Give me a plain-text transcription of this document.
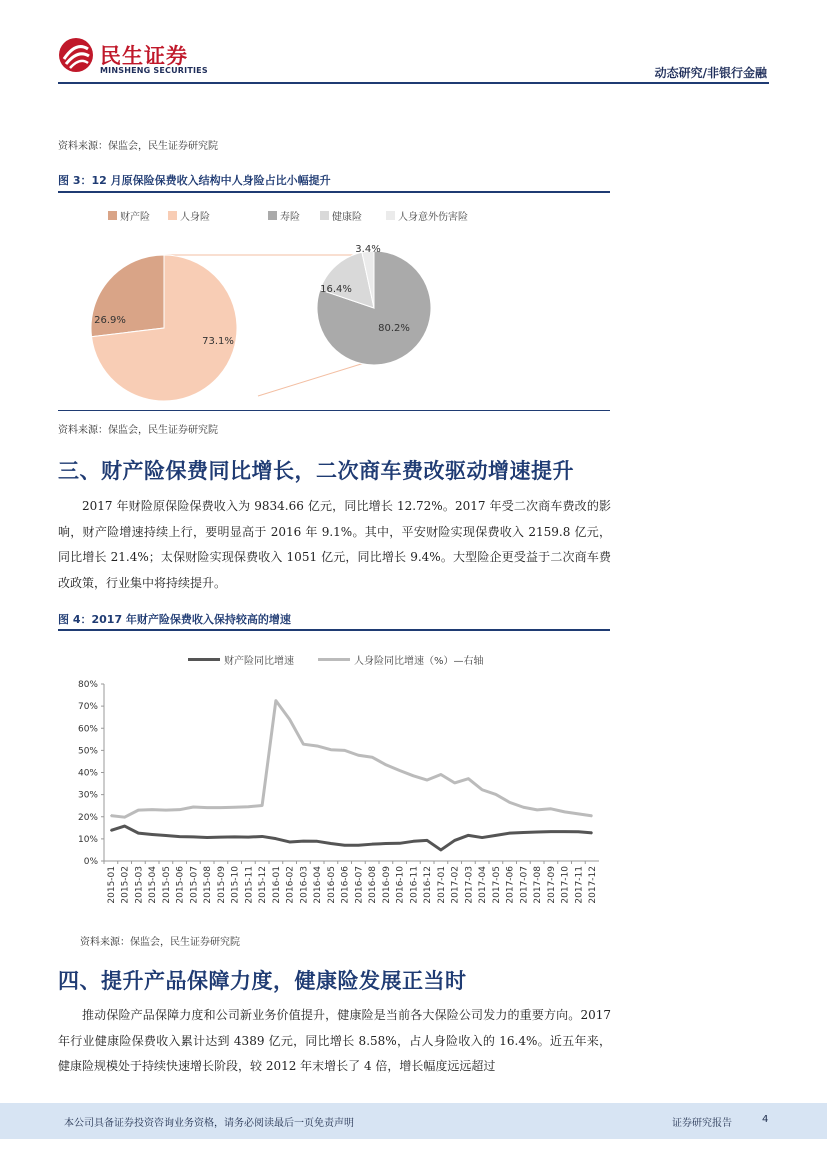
民生证券
MINSHENG SECURITIES	动态研究/非银行金融
资料来源：保监会，民生证券研究院
图 3：12 月原保险保费收入结构中人身险占比小幅提升
财产险	人身险	寿险	健康险	人身意外伤害险
26.9%
73.1%
80.2%
16.4%
3.4%
资料来源：保监会，民生证券研究院
三、财产险保费同比增长，二次商车费改驱动增速提升

2017 年财险原保险保费收入为 9834.66 亿元，同比增长 12.72%。2017 年受二次商车费改的影响，财产险增速持续上行，要明显高于 2016 年 9.1%。其中，平安财险实现保费收入 2159.8 亿元，同比增长 21.4%；太保财险实现保费收入 1051 亿元，同比增长 9.4%。大型险企更受益于二次商车费改政策，行业集中将持续提升。

图 4：2017 年财产险保费收入保持较高的增速
财产险同比增速	人身险同比增速（%）—右轴
0%
10%
20%
30%
40%
50%
60%
70%
80%
2015-01 2015-02 2015-03 2015-04 2015-05 2015-06 2015-07 2015-08 2015-09 2015-10 2015-11 2015-12 2016-01 2016-02 2016-03 2016-04 2016-05 2016-06 2016-07 2016-08 2016-09 2016-10 2016-11 2016-12 2017-01 2017-02 2017-03 2017-04 2017-05 2017-06 2017-07 2017-08 2017-09 2017-10 2017-11 2017-12
资料来源：保监会，民生证券研究院
四、提升产品保障力度，健康险发展正当时

推动保险产品保障力度和公司新业务价值提升，健康险是当前各大保险公司发力的重要方向。2017 年行业健康险保费收入累计达到 4389 亿元，同比增长 8.58%，占人身险收入的 16.4%。近五年来，健康险规模处于持续快速增长阶段，较 2012 年末增长了 4 倍，增长幅度远远超过

本公司具备证券投资咨询业务资格，请务必阅读最后一页免责声明	证券研究报告	4
